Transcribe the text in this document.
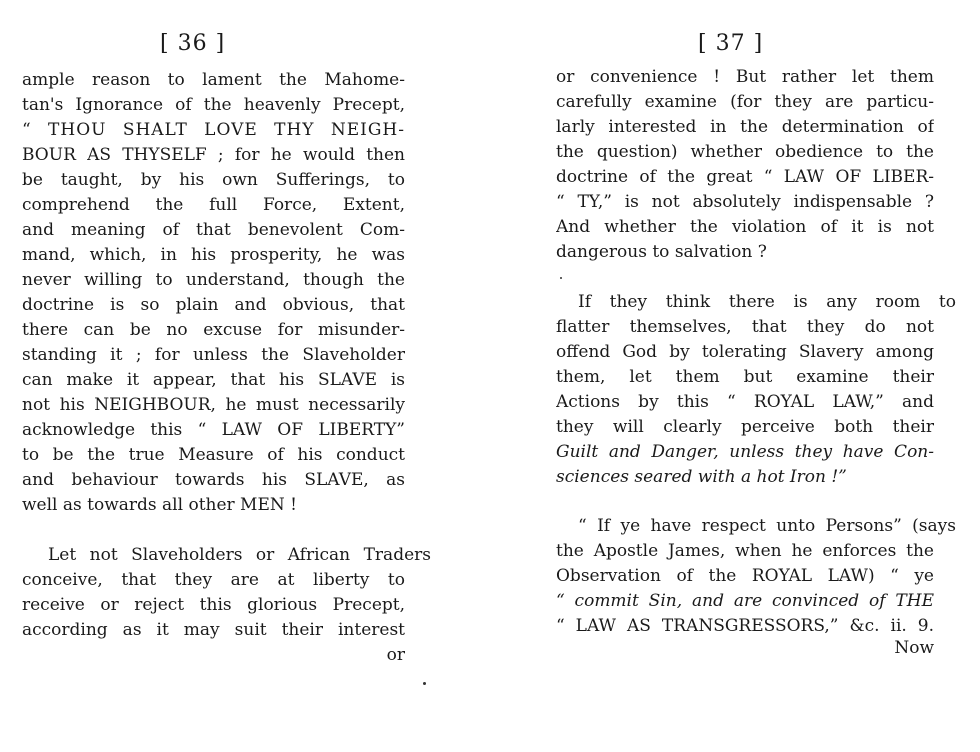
[ 36 ]
ample reason to lament the Mahome-
tan's Ignorance of the heavenly Precept,
“ THOU SHALT LOVE THY NEIGH-
BOUR AS THYSELF ; for he would then
be taught, by his own Sufferings, to
comprehend the full Force, Extent,
and meaning of that benevolent Com-
mand, which, in his prosperity, he was
never willing to understand, though the
doctrine is so plain and obvious, that
there can be no excuse for misunder-
standing it ; for unless the Slaveholder
can make it appear, that his SLAVE is
not his NEIGHBOUR, he must necessarily
acknowledge this “ LAW OF LIBERTY”
to be the true Measure of his conduct
and behaviour towards his SLAVE, as
well as towards all other MEN !
Let not Slaveholders or African Traders
conceive, that they are at liberty to
receive or reject this glorious Precept,
according as it may suit their interest
or
[ 37 ]
or convenience ! But rather let them
carefully examine (for they are particu-
larly interested in the determination of
the question) whether obedience to the
doctrine of the great “ LAW OF LIBER-
“ TY,” is not absolutely indispensable ?
And whether the violation of it is not
dangerous to salvation ?
If they think there is any room to
flatter themselves, that they do not
offend God by tolerating Slavery among
them, let them but examine their
Actions by this “ ROYAL LAW,” and
they will clearly perceive both their
Guilt and Danger, unless they have Con-
sciences seared with a hot Iron !”
“ If ye have respect unto Persons” (says
the Apostle James, when he enforces the
Observation of the ROYAL LAW) “ ye
“ commit Sin, and are convinced of THE
“ LAW AS TRANSGRESSORS,” &c. ii. 9.
Now
